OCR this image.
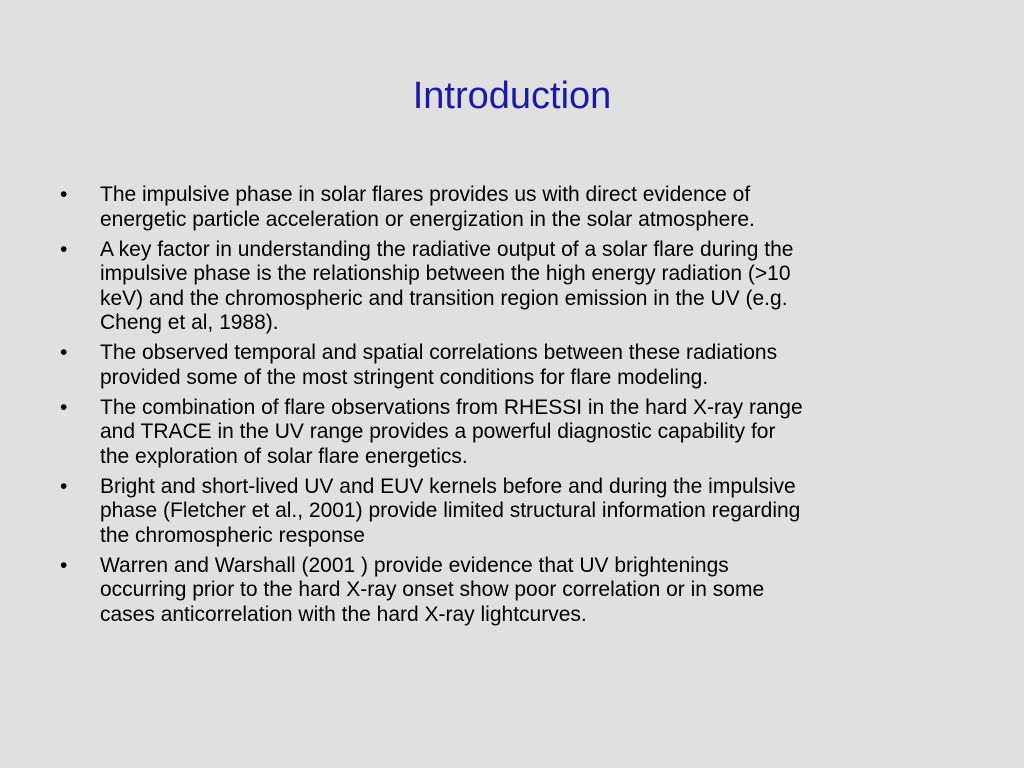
Introduction
•	The impulsive phase in solar flares provides us with direct evidence of
energetic particle acceleration or energization in the solar atmosphere.
•	A key factor in understanding the radiative output of a solar flare during the
impulsive phase is the relationship between the high energy radiation (>10
keV) and the chromospheric and transition region emission in the UV (e.g.
Cheng et al, 1988).
•	The observed temporal and spatial correlations between these radiations
provided some of the most stringent conditions for flare modeling.
•	The combination of flare observations from RHESSI in the hard X-ray range
and TRACE in the UV range provides a powerful diagnostic capability for
the exploration of solar flare energetics.
•	Bright and short-lived UV and EUV kernels before and during the impulsive
phase (Fletcher et al., 2001) provide limited structural information regarding
the chromospheric response
•	Warren and Warshall (2001 ) provide evidence that UV brightenings
occurring prior to the hard X-ray onset show poor correlation or in some
cases anticorrelation with the hard X-ray lightcurves.
